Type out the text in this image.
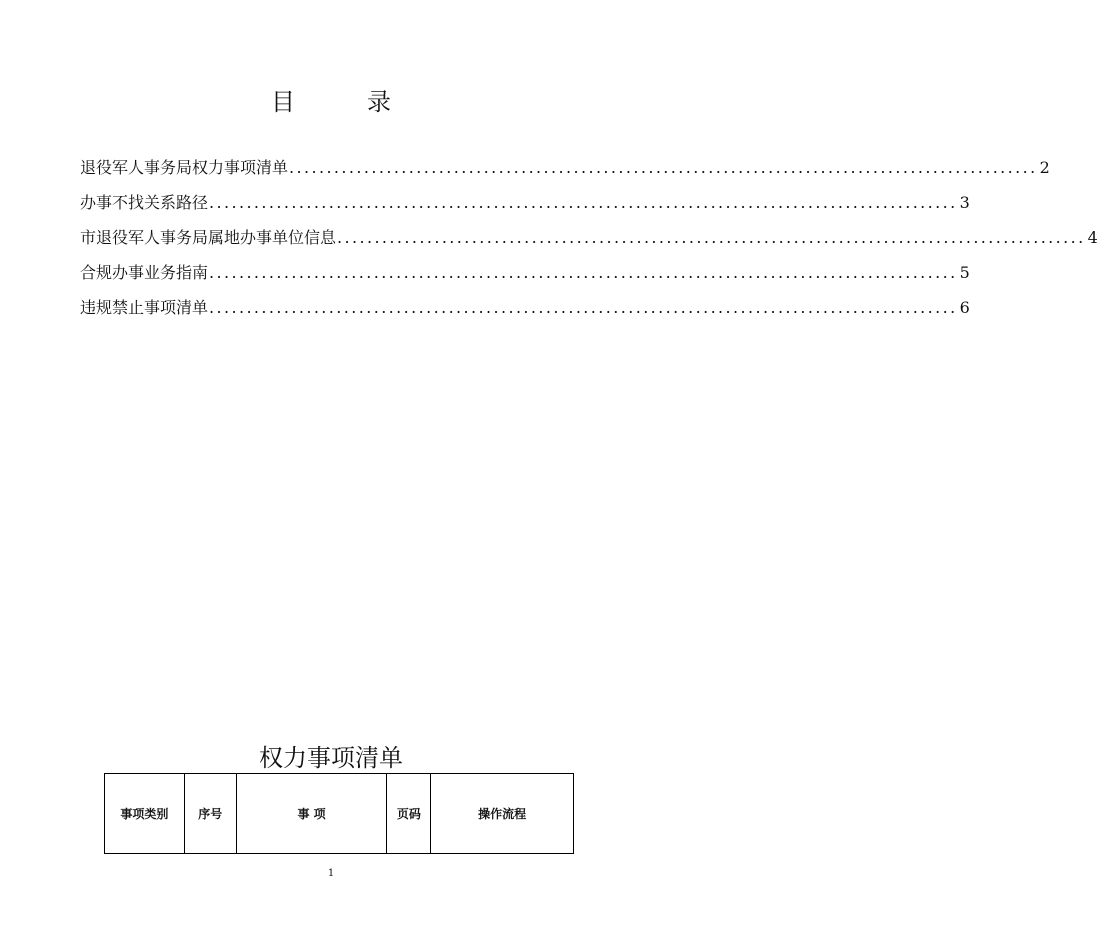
目　　　录
退役军人事务局权力事项清单 .................................................................................................... 2
办事不找关系路径 .................................................................................................... 3
市退役军人事务局属地办事单位信息 .................................................................................................... 4
合规办事业务指南 .................................................................................................... 5
违规禁止事项清单 .................................................................................................... 6
权力事项清单
事项类别	序号	事 项	页码	操作流程
1
